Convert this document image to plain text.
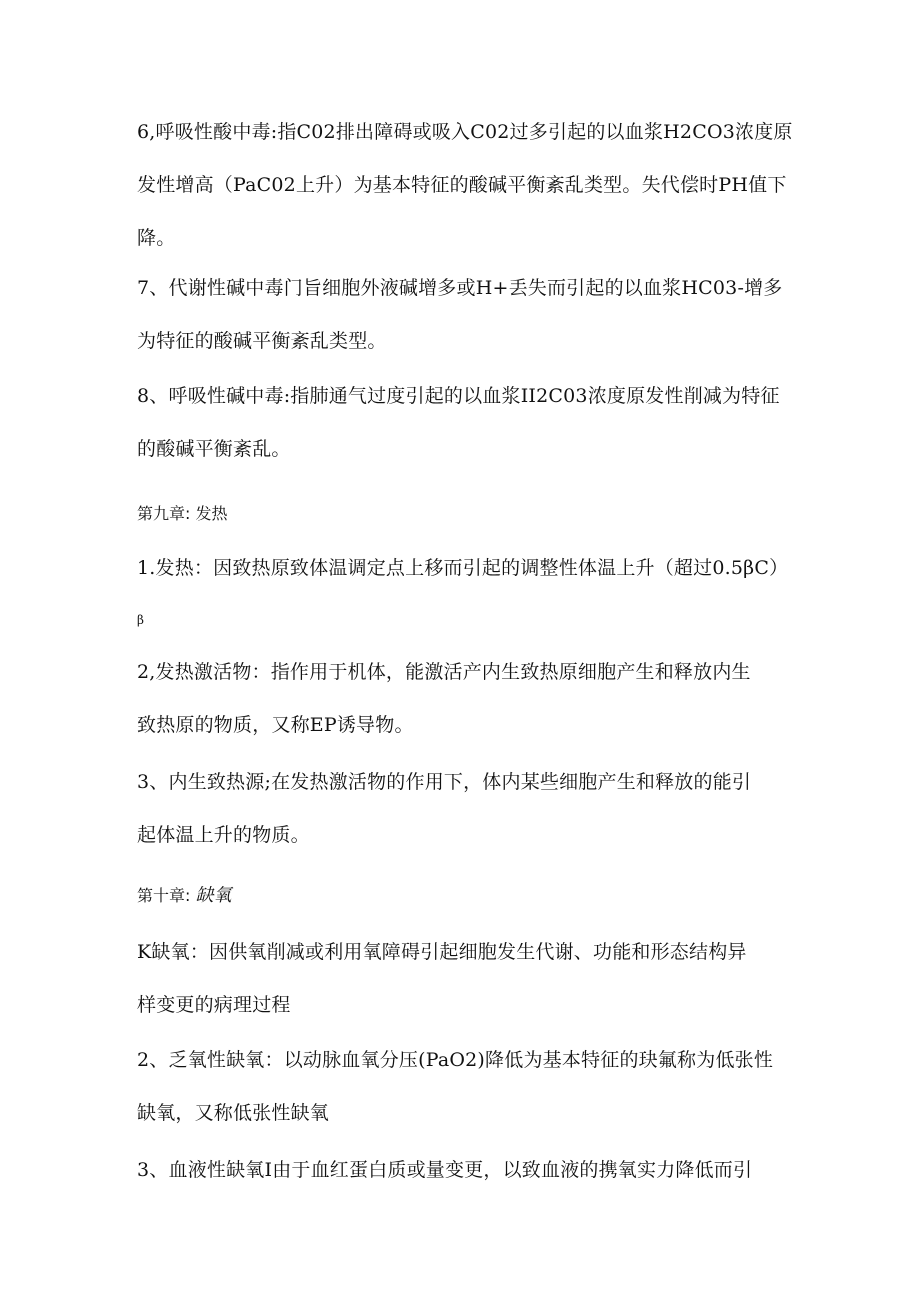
6,呼吸性酸中毒:指C02排出障碍或吸入C02过多引起的以血浆H2CO3浓度原
发性增高（PaC02上升）为基本特征的酸碱平衡紊乱类型。失代偿时PH值下
降。

7、代谢性碱中毒门旨细胞外液碱增多或H+丢失而引起的以血浆HC03-增多
为特征的酸碱平衡紊乱类型。

8、呼吸性碱中毒:指肺通气过度引起的以血浆II2C03浓度原发性削减为特征
的酸碱平衡紊乱。

第九章: 发热

1.发热：因致热原致体温调定点上移而引起的调整性体温上升（超过0.5βC）

β

2,发热激活物：指作用于机体，能激活产内生致热原细胞产生和释放内生
致热原的物质，又称EP诱导物。

3、内生致热源;在发热激活物的作用下，体内某些细胞产生和释放的能引
起体温上升的物质。

第十章: 缺氧

K缺氧：因供氧削减或利用氧障碍引起细胞发生代谢、功能和形态结构异
样变更的病理过程

2、乏氧性缺氧：以动脉血氧分压(PaO2)降低为基本特征的玦氟称为低张性
缺氧，又称低张性缺氧

3、血液性缺氧I由于血红蛋白质或量变更，以致血液的携氧实力降低而引
